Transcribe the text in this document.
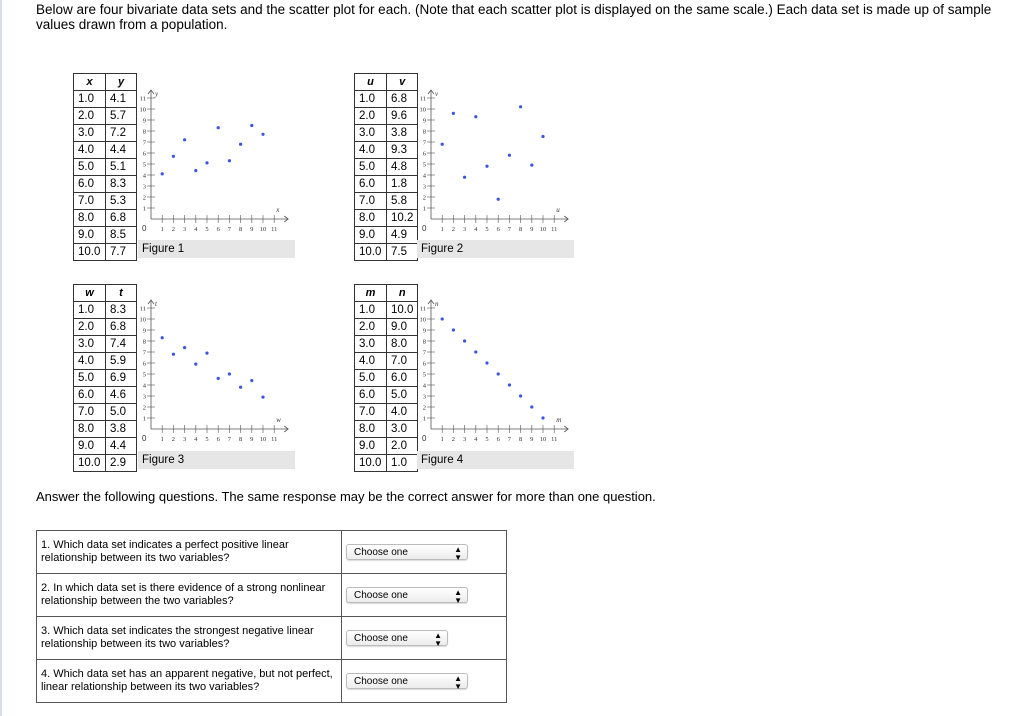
Below are four bivariate data sets and the scatter plot for each. (Note that each scatter plot is displayed on the same scale.) Each data set is made up of sample values drawn from a population.
x	y
1.0	4.1
2.0	5.7
3.0	7.2
4.0	4.4
5.0	5.1
6.0	8.3
7.0	5.3
8.0	6.8
9.0	8.5
10.0	7.7
0 1 2 3 4 5 6 7 8 9 10 11
1
2
3
4
5
6
7
8
9
10
11
x
y
Figure 1
u	v
1.0	6.8
2.0	9.6
3.0	3.8
4.0	9.3
5.0	4.8
6.0	1.8
7.0	5.8
8.0	10.2
9.0	4.9
10.0	7.5
0 1 2 3 4 5 6 7 8 9 10 11
1
2
3
4
5
6
7
8
9
10
11
u
v
Figure 2
w	t
1.0	8.3
2.0	6.8
3.0	7.4
4.0	5.9
5.0	6.9
6.0	4.6
7.0	5.0
8.0	3.8
9.0	4.4
10.0	2.9
0 1 2 3 4 5 6 7 8 9 10 11
1
2
3
4
5
6
7
8
9
10
11
w
t
Figure 3
m	n
1.0	10.0
2.0	9.0
3.0	8.0
4.0	7.0
5.0	6.0
6.0	5.0
7.0	4.0
8.0	3.0
9.0	2.0
10.0	1.0
0 1 2 3 4 5 6 7 8 9 10 11
1
2
3
4
5
6
7
8
9
10
11
m
n
Figure 4
Answer the following questions. The same response may be the correct answer for more than one question.
1. Which data set indicates a perfect positive linear relationship between its two variables?	Choose one ▲
▼

2. In which data set is there evidence of a strong nonlinear relationship between the two variables?	Choose one ▲
▼

3. Which data set indicates the strongest negative linear relationship between its two variables?	Choose one ▲
▼

4. Which data set has an apparent negative, but not perfect, linear relationship between its two variables?	Choose one ▲
▼
